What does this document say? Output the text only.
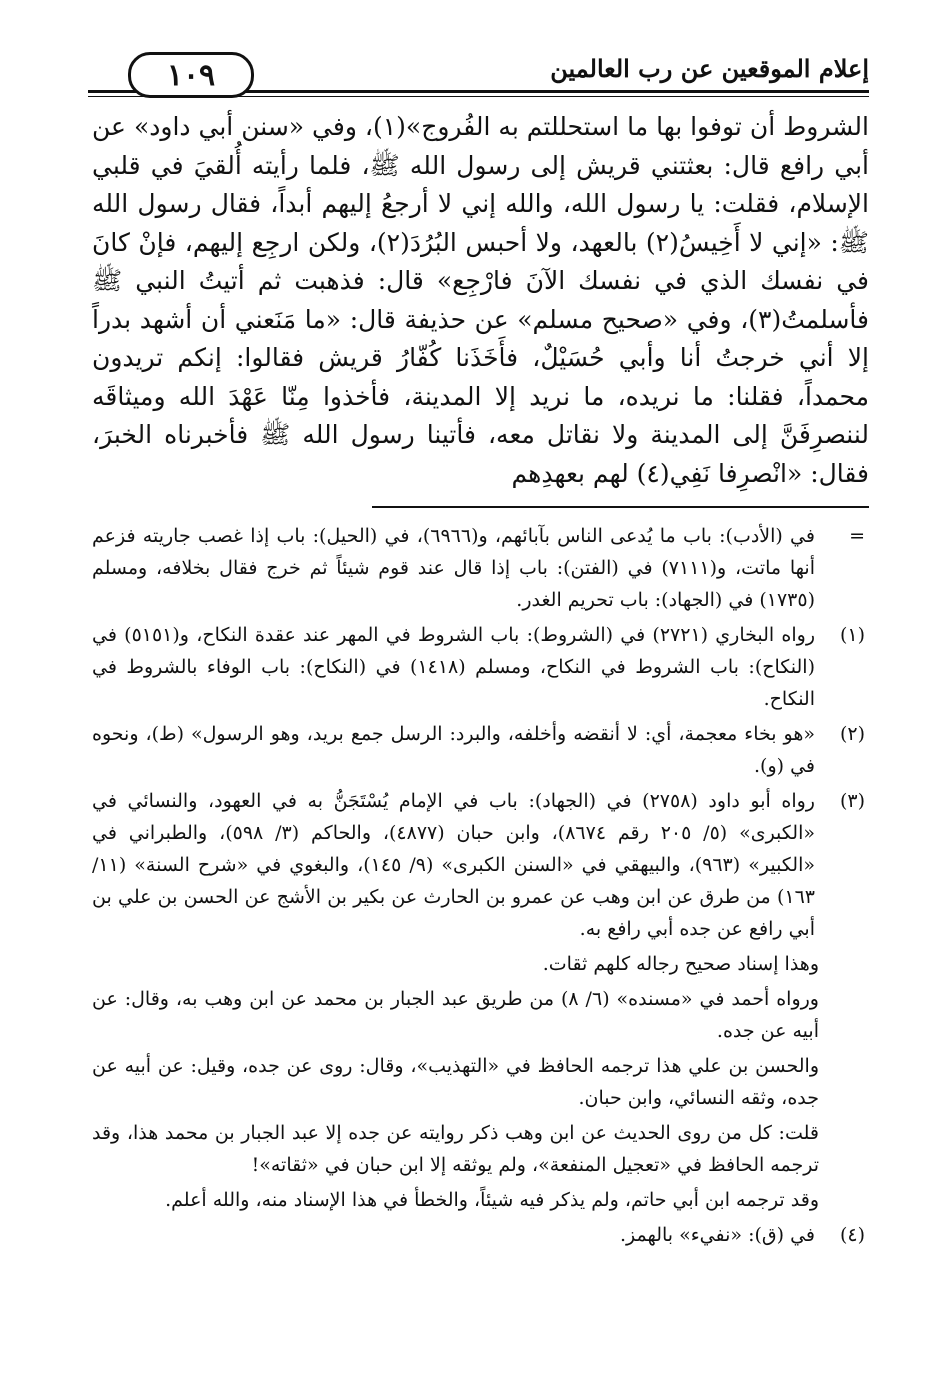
١٠٩	إعلام الموقعين عن رب العالمين

الشروط أن توفوا بها ما استحللتم به الفُروج»(١)، وفي «سنن أبي داود» عن أبي رافع قال: بعثتني قريش إلى رسول الله ﷺ، فلما رأيته أُلقيَ في قلبي الإسلام، فقلت: يا رسول الله، والله إني لا أرجعُ إليهم أبداً، فقال رسول الله ﷺ: «إني لا أَخِيسُ(٢) بالعهد، ولا أحبس البُرُدَ(٢)، ولكن ارجِع إليهم، فإنْ كانَ في نفسك الذي في نفسك الآنَ فارْجِع» قال: فذهبت ثم أتيتُ النبي ﷺ فأسلمتُ(٣)، وفي «صحيح مسلم» عن حذيفة قال: «ما مَنَعني أن أشهد بدراً إلا أني خرجتُ أنا وأبي حُسَيْلٌ، فأَخَذَنا كُفّارُ قريش فقالوا: إنكم تريدون محمداً، فقلنا: ما نريده، ما نريد إلا المدينة، فأخذوا مِنّا عَهْدَ الله وميثاقَه لننصرِفَنَّ إلى المدينة ولا نقاتل معه، فأتينا رسول الله ﷺ فأخبرناه الخبرَ، فقال: «انْصرِفا نَفِي(٤) لهم بعهدِهم

=
في (الأدب): باب ما يُدعى الناس بآبائهم، و(٦٩٦٦)، في (الحيل): باب إذا غصب جاريته فزعم أنها ماتت، و(٧١١١) في (الفتن): باب إذا قال عند قوم شيئاً ثم خرج فقال بخلافه، ومسلم (١٧٣٥) في (الجهاد): باب تحريم الغدر.
(١)
رواه البخاري (٢٧٢١) في (الشروط): باب الشروط في المهر عند عقدة النكاح، و(٥١٥١) في (النكاح): باب الشروط في النكاح، ومسلم (١٤١٨) في (النكاح): باب الوفاء بالشروط في النكاح.
(٢)
«هو بخاء معجمة، أي: لا أنقضه وأخلفه، والبرد: الرسل جمع بريد، وهو الرسول» (ط)، ونحوه في (و).
(٣)
رواه أبو داود (٢٧٥٨) في (الجهاد): باب في الإمام يُسْتَجَنُّ به في العهود، والنسائي في «الكبرى» (٥/ ٢٠٥ رقم ٨٦٧٤)، وابن حبان (٤٨٧٧)، والحاكم (٣/ ٥٩٨)، والطبراني في «الكبير» (٩٦٣)، والبيهقي في «السنن الكبرى» (٩/ ١٤٥)، والبغوي في «شرح السنة» (١١/ ١٦٣) من طرق عن ابن وهب عن عمرو بن الحارث عن بكير بن الأشج عن الحسن بن علي بن أبي رافع عن جده أبي رافع به.
وهذا إسناد صحيح رجاله كلهم ثقات.
ورواه أحمد في «مسنده» (٦/ ٨) من طريق عبد الجبار بن محمد عن ابن وهب به، وقال: عن أبيه عن جده.
والحسن بن علي هذا ترجمه الحافظ في «التهذيب»، وقال: روى عن جده، وقيل: عن أبيه عن جده، وثقه النسائي، وابن حبان.
قلت: كل من روى الحديث عن ابن وهب ذكر روايته عن جده إلا عبد الجبار بن محمد هذا، وقد ترجمه الحافظ في «تعجيل المنفعة»، ولم يوثقه إلا ابن حبان في «ثقاته»!
وقد ترجمه ابن أبي حاتم، ولم يذكر فيه شيئاً، والخطأ في هذا الإسناد منه، والله أعلم.
(٤)
في (ق): «نفيء» بالهمز.
